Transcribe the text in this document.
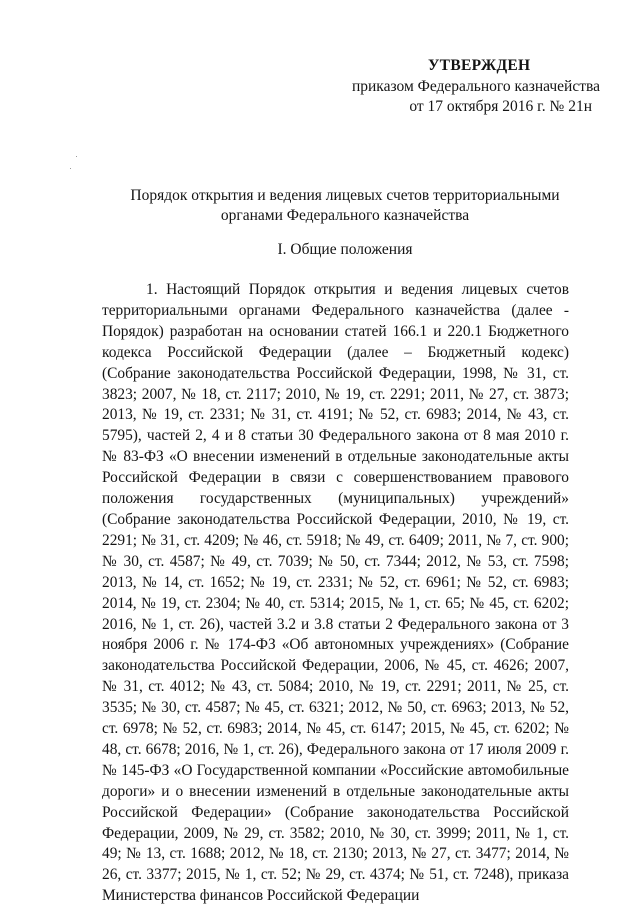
УТВЕРЖДЕН
приказом Федерального казначейства
от 17 октября 2016 г. № 21н
Порядок открытия и ведения лицевых счетов территориальными органами Федерального казначейства
I. Общие положения
1. Настоящий Порядок открытия и ведения лицевых счетов территориальными органами Федерального казначейства (далее - Порядок) разработан на основании статей 166.1 и 220.1 Бюджетного кодекса Российской Федерации (далее – Бюджетный кодекс) (Собрание законодательства Российской Федерации, 1998, № 31, ст. 3823; 2007, № 18, ст. 2117; 2010, № 19, ст. 2291; 2011, № 27, ст. 3873; 2013, № 19, ст. 2331; № 31, ст. 4191; № 52, ст. 6983; 2014, № 43, ст. 5795), частей 2, 4 и 8 статьи 30 Федерального закона от 8 мая 2010 г. № 83-ФЗ «О внесении изменений в отдельные законодательные акты Российской Федерации в связи с совершенствованием правового положения государственных (муниципальных) учреждений» (Собрание законодательства Российской Федерации, 2010, № 19, ст. 2291; № 31, ст. 4209; № 46, ст. 5918; № 49, ст. 6409; 2011, № 7, ст. 900; № 30, ст. 4587; № 49, ст. 7039; № 50, ст. 7344; 2012, № 53, ст. 7598; 2013, № 14, ст. 1652; № 19, ст. 2331; № 52, ст. 6961; № 52, ст. 6983; 2014, № 19, ст. 2304; № 40, ст. 5314; 2015, № 1, ст. 65; № 45, ст. 6202; 2016, № 1, ст. 26), частей 3.2 и 3.8 статьи 2 Федерального закона от 3 ноября 2006 г. № 174-ФЗ «Об автономных учреждениях» (Собрание законодательства Российской Федерации, 2006, № 45, ст. 4626; 2007, № 31, ст. 4012; № 43, ст. 5084; 2010, № 19, ст. 2291; 2011, № 25, ст. 3535; № 30, ст. 4587; № 45, ст. 6321; 2012, № 50, ст. 6963; 2013, № 52, ст. 6978; № 52, ст. 6983; 2014, № 45, ст. 6147; 2015, № 45, ст. 6202; № 48, ст. 6678; 2016, № 1, ст. 26), Федерального закона от 17 июля 2009 г. № 145-ФЗ «О Государственной компании «Российские автомобильные дороги» и о внесении изменений в отдельные законодательные акты Российской Федерации» (Собрание законодательства Российской Федерации, 2009, № 29, ст. 3582; 2010, № 30, ст. 3999; 2011, № 1, ст. 49; № 13, ст. 1688; 2012, № 18, ст. 2130; 2013, № 27, ст. 3477; 2014, № 26, ст. 3377; 2015, № 1, ст. 52; № 29, ст. 4374; № 51, ст. 7248), приказа Министерства финансов Российской Федерации
